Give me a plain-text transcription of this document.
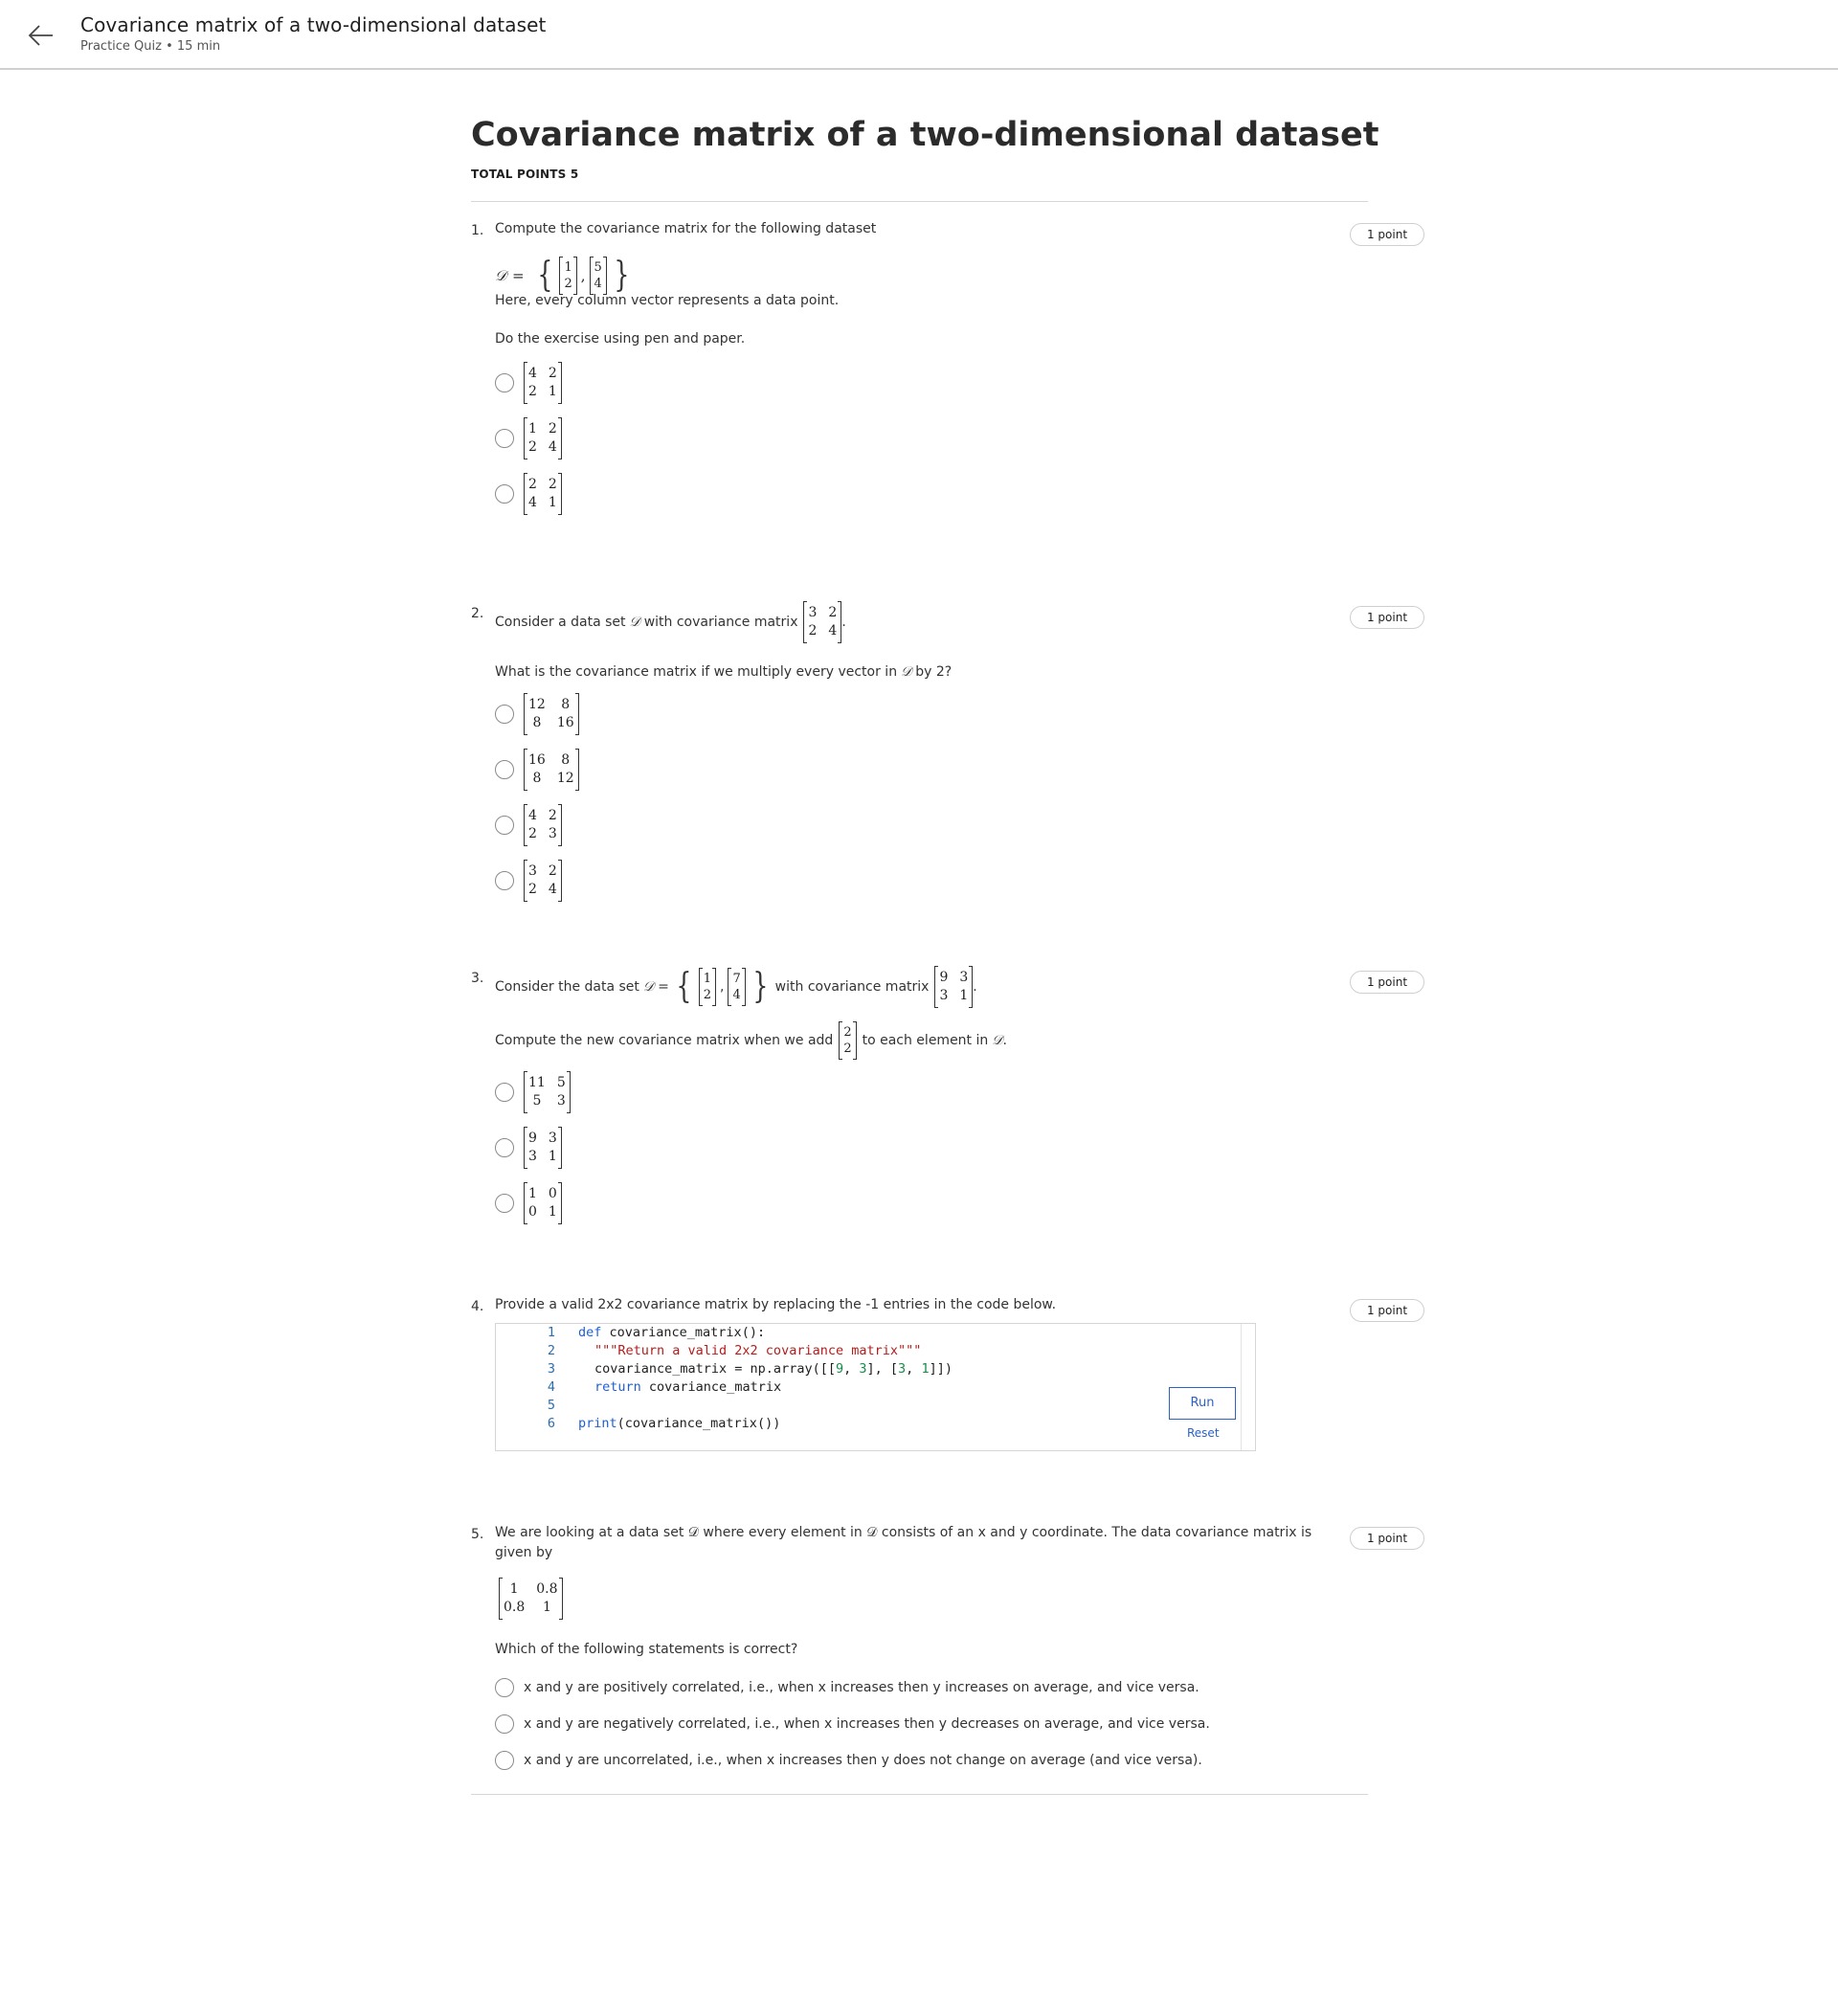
Covariance matrix of a two-dimensional dataset
Practice Quiz • 15 min
Covariance matrix of a two-dimensional dataset
TOTAL POINTS 5
1. Compute the covariance matrix for the following dataset	1 point
𝒟 = { 1
2 , 5
4 }
Here, every column vector represents a data point.
Do the exercise using pen and paper.
4 2
2 1
1 2
2 4
2 2
4 1
2.
Consider a data set 𝒟 with covariance matrix
3 2
2 4
.	1 point
What is the covariance matrix if we multiply every vector in 𝒟 by 2?
12	8
8	16
16	8
8	12
4 2
2 3
3 2
2 4
3.
Consider the data set 𝒟 = { 1
2
,
7
4 } with covariance matrix
9 3
3 1
.	1 point
Compute the new covariance matrix when we add
2
2
to each element in 𝒟 .
11 5
5	3
9 3
3 1
1 0
0 1
4. Provide a valid 2x2 covariance matrix by replacing the -1 entries in the code below.	1 point
1
2
3
4
5
6
def covariance_matrix():
"""Return a valid 2x2 covariance matrix"""
covariance_matrix = np.array([[9, 3], [3, 1]])
return covariance_matrix
print(covariance_matrix())
Run
Reset
5. We are looking at a data set 𝒟 where every element in 𝒟 consists of an x and y coordinate. The data covariance matrix is
given by
1 point
1	0.8
0.8	1
Which of the following statements is correct?
x and y are positively correlated, i.e., when x increases then y increases on average, and vice versa.
x and y are negatively correlated, i.e., when x increases then y decreases on average, and vice versa.
x and y are uncorrelated, i.e., when x increases then y does not change on average (and vice versa).
